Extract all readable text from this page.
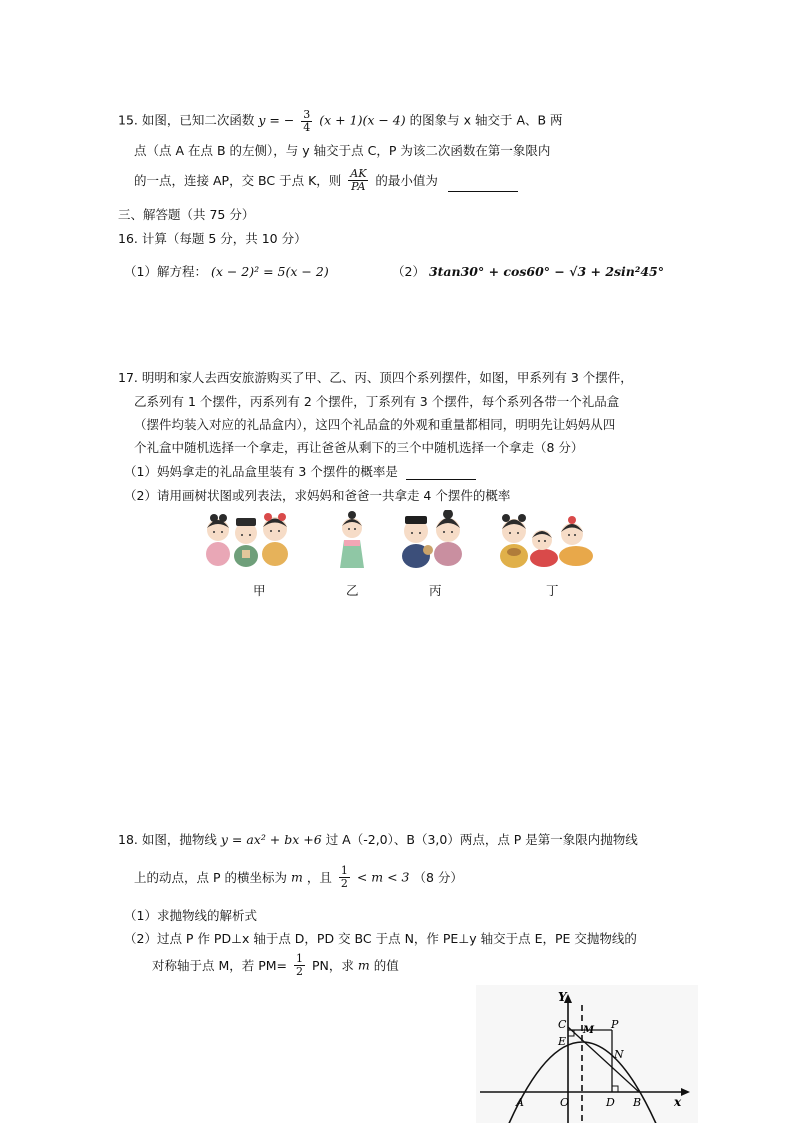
15. 如图，已知二次函数 y = − $\frac{3}{4} (x + 1)(x - 4)$ 的图象与 x 轴交于 A、B 两
点（点 A 在点 B 的左侧），与 y 轴交于点 C，P 为该二次函数在第一象限内
的一点，连接 AP，交 BC 于点 K，则 $\frac{AK}{PA}$ 的最小值为
三、解答题（共 75 分）
16. 计算（每题 5 分，共 10 分）
（1）解方程： (x − 2)² = 5(x − 2)	（2） 3tan30° + cos60° − √3 + 2sin²45°
17. 明明和家人去西安旅游购买了甲、乙、丙、顶四个系列摆件，如图，甲系列有 3 个摆件，
乙系列有 1 个摆件，丙系列有 2 个摆件，丁系列有 3 个摆件，每个系列各带一个礼品盒
（摆件均装入对应的礼品盒内），这四个礼品盒的外观和重量都相同，明明先让妈妈从四
个礼盒中随机选择一个拿走，再让爸爸从剩下的三个中随机选择一个拿走（8 分）
（1）妈妈拿走的礼品盒里装有 3 个摆件的概率是
（2）请用画树状图或列表法，求妈妈和爸爸一共拿走 4 个摆件的概率
甲	乙	丙	丁
18. 如图，抛物线 y = ax² + bx +6 过 A（-2,0）、B（3,0）两点，点 P 是第一象限内抛物线
上的动点，点 P 的横坐标为 m ，且 $\frac{1}{2} < m < 3$ （8 分）
（1）求抛物线的解析式
（2）过点 P 作 PD⊥x 轴于点 D，PD 交 BC 于点 N，作 PE⊥y 轴交于点 E，PE 交抛物线的
对称轴于点 M，若 $PM= \frac{1}{2}$ PN，求 m 的值
Y
x
C M P
E
N
A	O	D B
